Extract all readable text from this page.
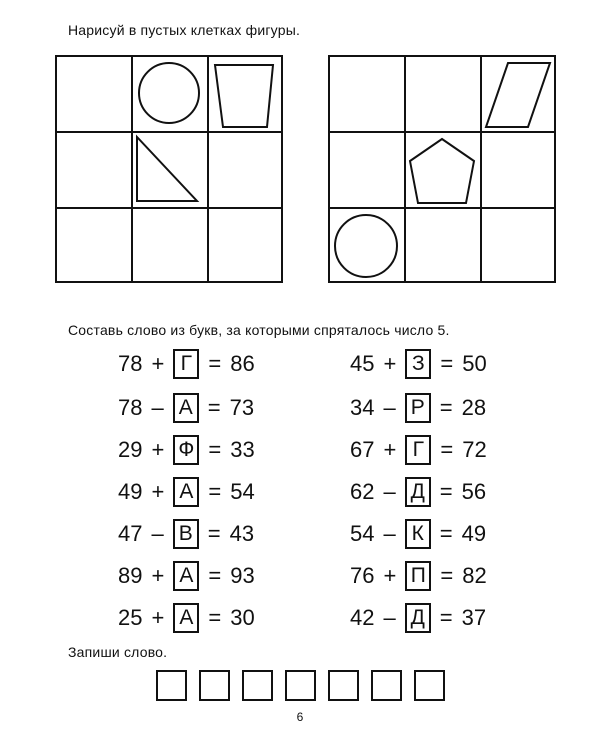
Нарисуй в пустых клетках фигуры.
Составь слово из букв, за которыми спряталось число 5.
78 + Г = 86
78 – А = 73
29 + Ф = 33
49 + А = 54
47 – В = 43
89 + А = 93
25 + А = 30
45 + З = 50
34 – Р = 28
67 + Г = 72
62 – Д = 56
54 – К = 49
76 + П = 82
42 – Д = 37
Запиши слово.
6
